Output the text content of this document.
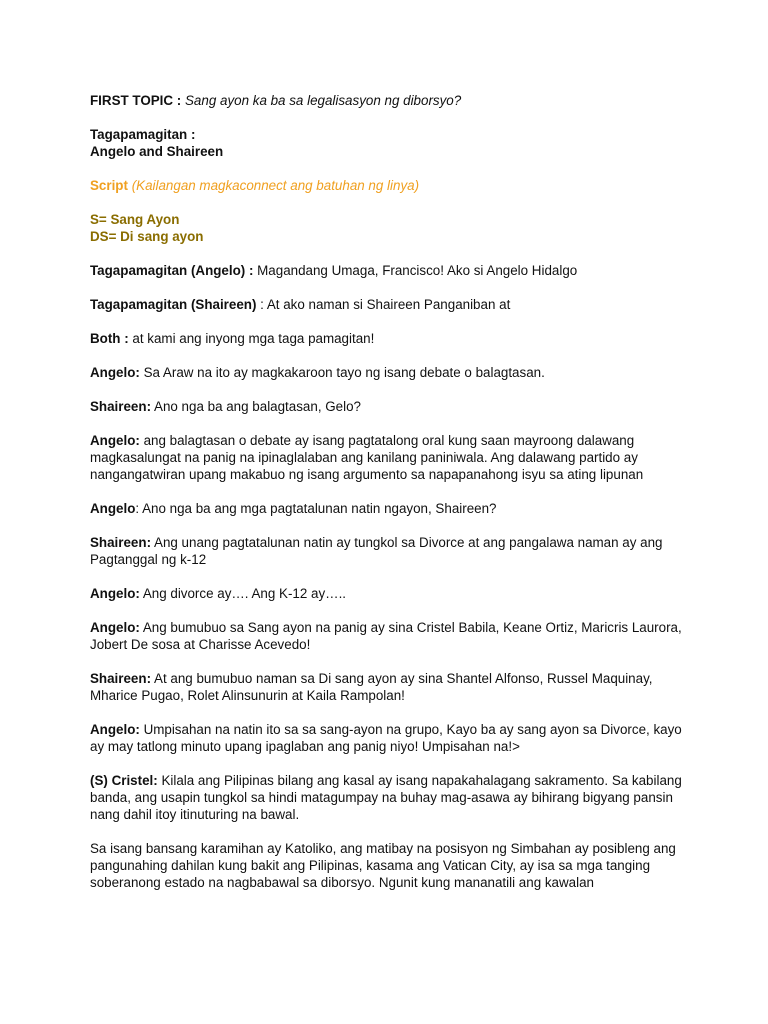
FIRST TOPIC : Sang ayon ka ba sa legalisasyon ng diborsyo?

Tagapamagitan :
Angelo and Shaireen

Script (Kailangan magkaconnect ang batuhan ng linya)

S= Sang Ayon
DS= Di sang ayon

Tagapamagitan (Angelo) : Magandang Umaga, Francisco! Ako si Angelo Hidalgo

Tagapamagitan (Shaireen) : At ako naman si Shaireen Panganiban at

Both : at kami ang inyong mga taga pamagitan!

Angelo: Sa Araw na ito ay magkakaroon tayo ng isang debate o balagtasan.

Shaireen: Ano nga ba ang balagtasan, Gelo?

Angelo: ang balagtasan o debate ay isang pagtatalong oral kung saan mayroong dalawang magkasalungat na panig na ipinaglalaban ang kanilang paniniwala. Ang dalawang partido ay nangangatwiran upang makabuo ng isang argumento sa napapanahong isyu sa ating lipunan

Angelo: Ano nga ba ang mga pagtatalunan natin ngayon, Shaireen?

Shaireen: Ang unang pagtatalunan natin ay tungkol sa Divorce at ang pangalawa naman ay ang Pagtanggal ng k-12

Angelo: Ang divorce ay…. Ang K-12 ay…..

Angelo: Ang bumubuo sa Sang ayon na panig ay sina Cristel Babila, Keane Ortiz, Maricris Laurora, Jobert De sosa at Charisse Acevedo!

Shaireen: At ang bumubuo naman sa Di sang ayon ay sina Shantel Alfonso, Russel Maquinay, Mharice Pugao, Rolet Alinsunurin at Kaila Rampolan!

Angelo: Umpisahan na natin ito sa sa sang-ayon na grupo, Kayo ba ay sang ayon sa Divorce, kayo ay may tatlong minuto upang ipaglaban ang panig niyo! Umpisahan na!>

(S) Cristel: Kilala ang Pilipinas bilang ang kasal ay isang napakahalagang sakramento. Sa kabilang banda, ang usapin tungkol sa hindi matagumpay na buhay mag-asawa ay bihirang bigyang pansin nang dahil itoy itinuturing na bawal.

Sa isang bansang karamihan ay Katoliko, ang matibay na posisyon ng Simbahan ay posibleng ang pangunahing dahilan kung bakit ang Pilipinas, kasama ang Vatican City, ay isa sa mga tanging soberanong estado na nagbabawal sa diborsyo. Ngunit kung mananatili ang kawalan
